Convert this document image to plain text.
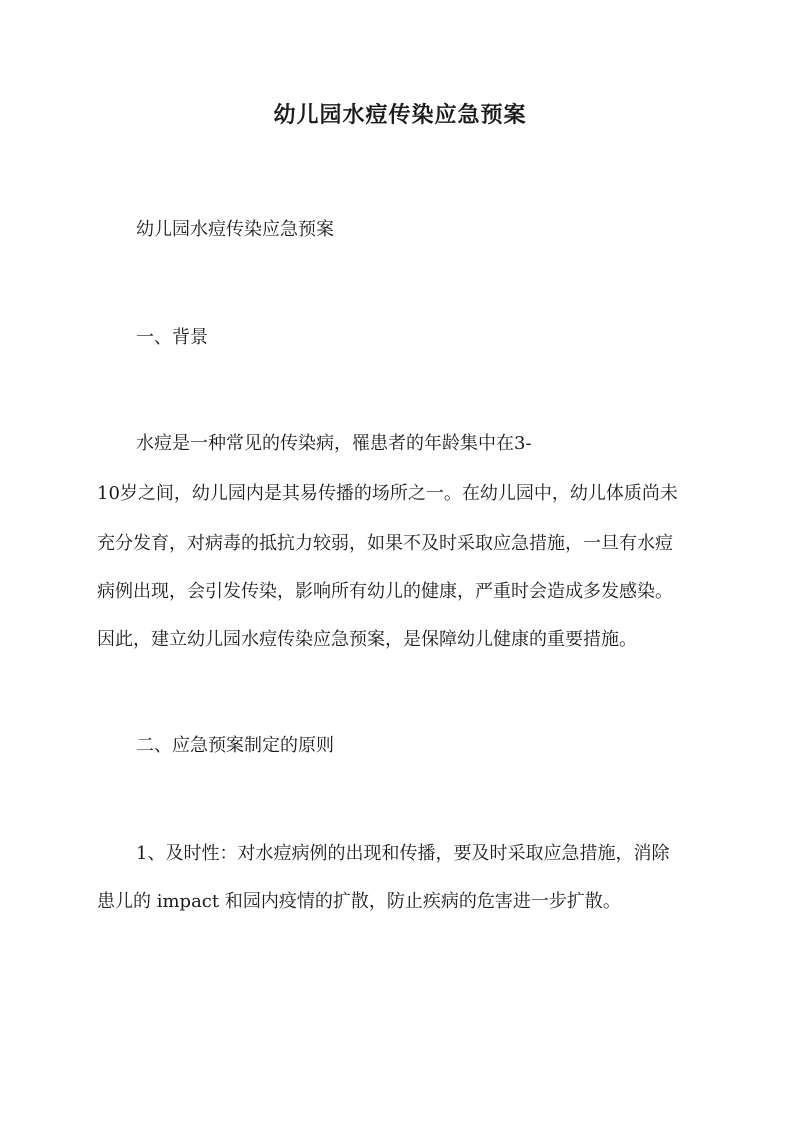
幼儿园水痘传染应急预案

幼儿园水痘传染应急预案

一、背景

水痘是一种常见的传染病，罹患者的年龄集中在3-

10岁之间，幼儿园内是其易传播的场所之一。在幼儿园中，幼儿体质尚未

充分发育，对病毒的抵抗力较弱，如果不及时采取应急措施，一旦有水痘

病例出现，会引发传染，影响所有幼儿的健康，严重时会造成多发感染。

因此，建立幼儿园水痘传染应急预案，是保障幼儿健康的重要措施。

二、应急预案制定的原则

1、及时性：对水痘病例的出现和传播，要及时采取应急措施，消除

患儿的 impact 和园内疫情的扩散，防止疾病的危害进一步扩散。
